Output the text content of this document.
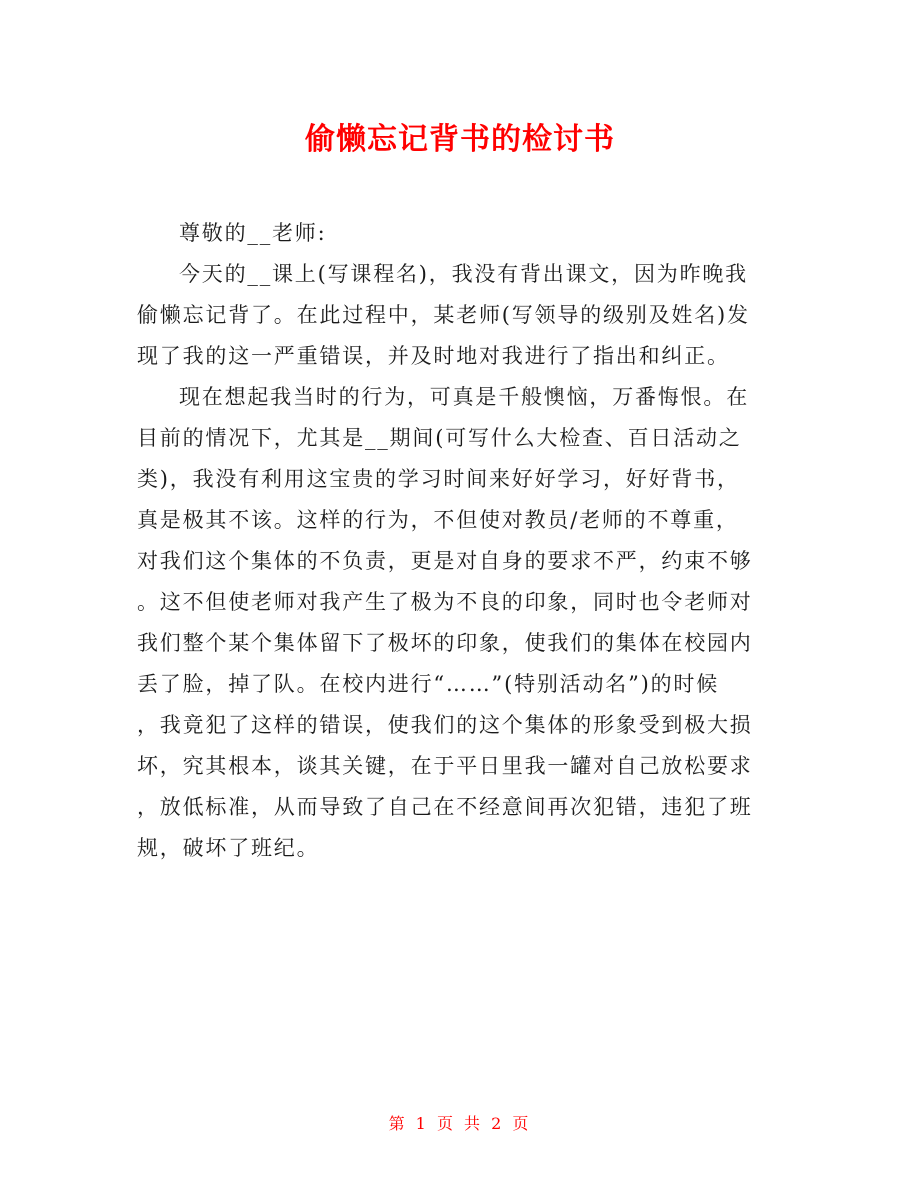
偷懒忘记背书的检讨书
尊敬的__老师:
今天的__课上(写课程名)，我没有背出课文，因为昨晚我
偷懒忘记背了。在此过程中，某老师(写领导的级别及姓名)发
现了我的这一严重错误，并及时地对我进行了指出和纠正。
现在想起我当时的行为，可真是千般懊恼，万番悔恨。在
目前的情况下，尤其是__期间(可写什么大检查、百日活动之
类)，我没有利用这宝贵的学习时间来好好学习，好好背书，
真是极其不该。这样的行为，不但使对教员/老师的不尊重，
对我们这个集体的不负责，更是对自身的要求不严，约束不够
。这不但使老师对我产生了极为不良的印象，同时也令老师对
我们整个某个集体留下了极坏的印象，使我们的集体在校园内
丢了脸，掉了队。在校内进行“……”(特别活动名”)的时候
，我竟犯了这样的错误，使我们的这个集体的形象受到极大损
坏，究其根本，谈其关键，在于平日里我一罐对自己放松要求
，放低标准，从而导致了自己在不经意间再次犯错，违犯了班
规，破坏了班纪。
第 1 页 共 2 页
